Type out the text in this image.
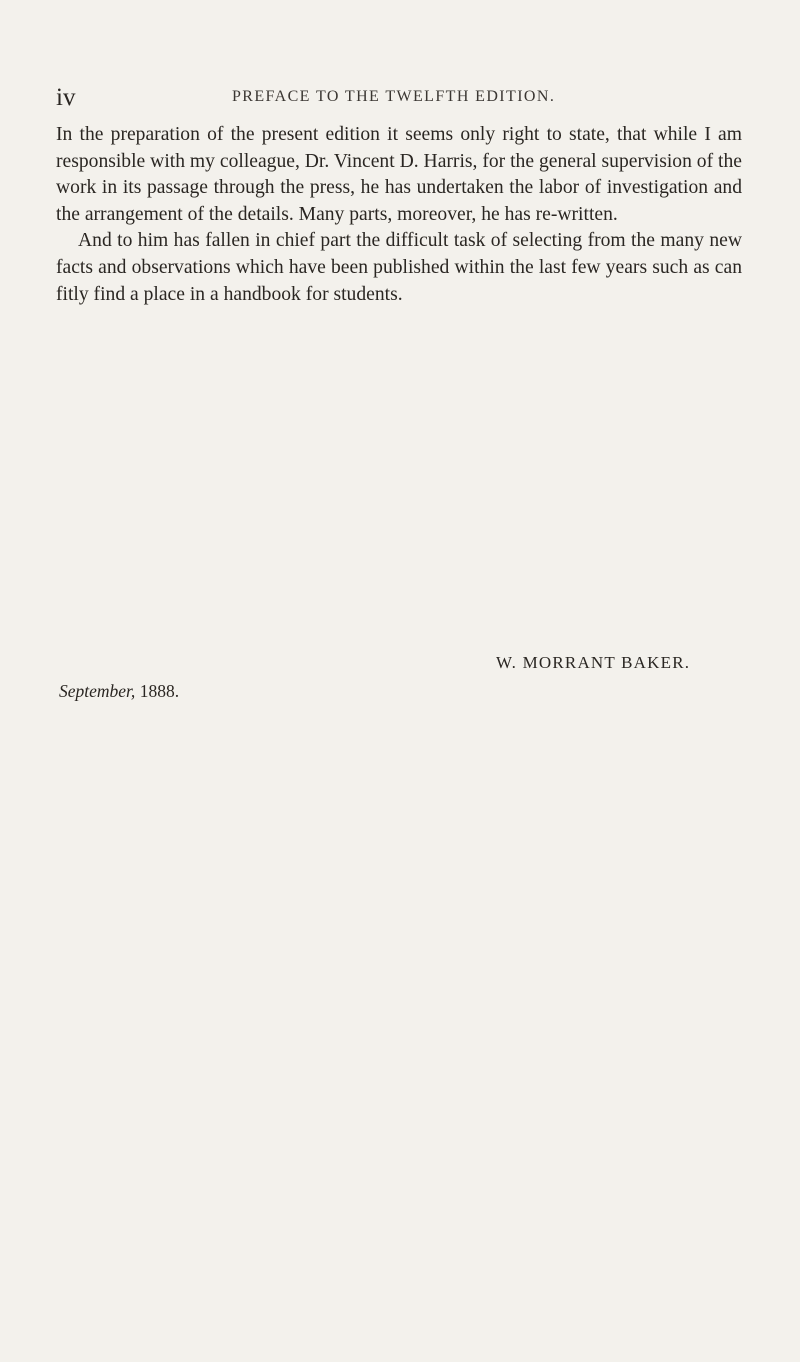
iv	PREFACE TO THE TWELFTH EDITION.

In the preparation of the present edition it seems only right to state, that while I am responsible with my colleague, Dr. Vincent D. Harris, for the general supervision of the work in its passage through the press, he has undertaken the labor of investigation and the arrangement of the details. Many parts, moreover, he has re-written.

And to him has fallen in chief part the difficult task of selecting from the many new facts and observations which have been published within the last few years such as can fitly find a place in a handbook for students.

W. MORRANT BAKER.
September, 1888.
